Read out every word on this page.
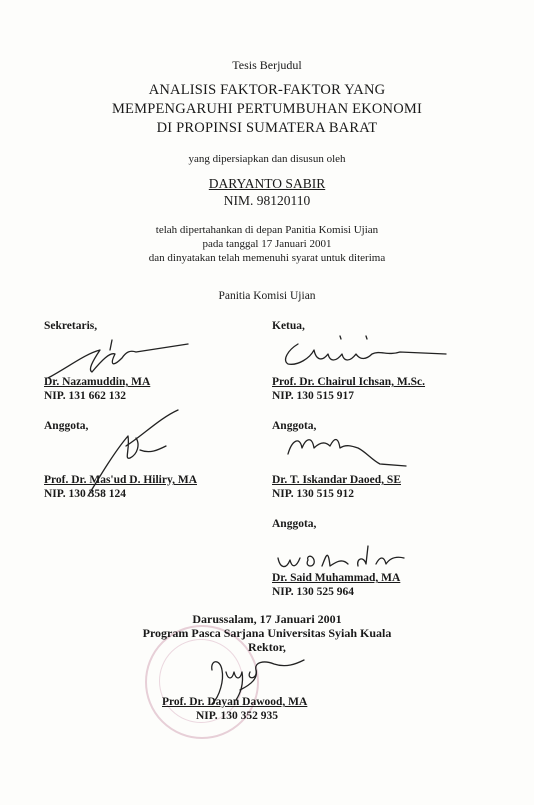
Tesis Berjudul
ANALISIS FAKTOR-FAKTOR YANG
MEMPENGARUHI PERTUMBUHAN EKONOMI
DI PROPINSI SUMATERA BARAT
yang dipersiapkan dan disusun oleh
DARYANTO SABIR
NIM. 98120110
telah dipertahankan di depan Panitia Komisi Ujian
pada tanggal 17 Januari 2001
dan dinyatakan telah memenuhi syarat untuk diterima
Panitia Komisi Ujian
Sekretaris,
Dr. Nazamuddin, MA
NIP. 131 662 132
Ketua,
Prof. Dr. Chairul Ichsan, M.Sc.
NIP. 130 515 917
Anggota,
Prof. Dr. Mas'ud D. Hiliry, MA
NIP. 130 358 124
Anggota,
Dr. T. Iskandar Daoed, SE
NIP. 130 515 912
Anggota,
Dr. Said Muhammad, MA
NIP. 130 525 964
Darussalam, 17 Januari 2001
Program Pasca Sarjana Universitas Syiah Kuala
Rektor,
Prof. Dr. Dayan Dawood, MA
NIP. 130 352 935
